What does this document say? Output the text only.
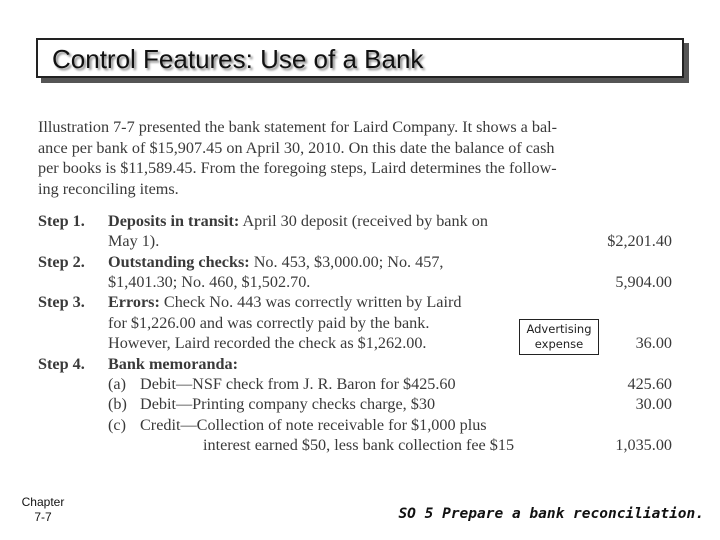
Control Features: Use of a Bank
Illustration 7-7 presented the bank statement for Laird Company. It shows a bal-
ance per bank of $15,907.45 on April 30, 2010. On this date the balance of cash
per books is $11,589.45. From the foregoing steps, Laird determines the follow-
ing reconciling items.
Step 1. Deposits in transit: April 30 deposit (received by bank on
May 1).	$2,201.40
Step 2. Outstanding checks: No. 453, $3,000.00; No. 457,
$1,401.30; No. 460, $1,502.70.	5,904.00
Step 3. Errors: Check No. 443 was correctly written by Laird
for $1,226.00 and was correctly paid by the bank.
However, Laird recorded the check as $1,262.00.	36.00
Advertising
expense
Step 4. Bank memoranda:
(a) Debit—NSF check from J. R. Baron for $425.60	425.60
(b) Debit—Printing company checks charge, $30	30.00
(c) Credit—Collection of note receivable for $1,000 plus
interest earned $50, less bank collection fee $15	1,035.00
Chapter
7-7	SO 5 Prepare a bank reconciliation.
